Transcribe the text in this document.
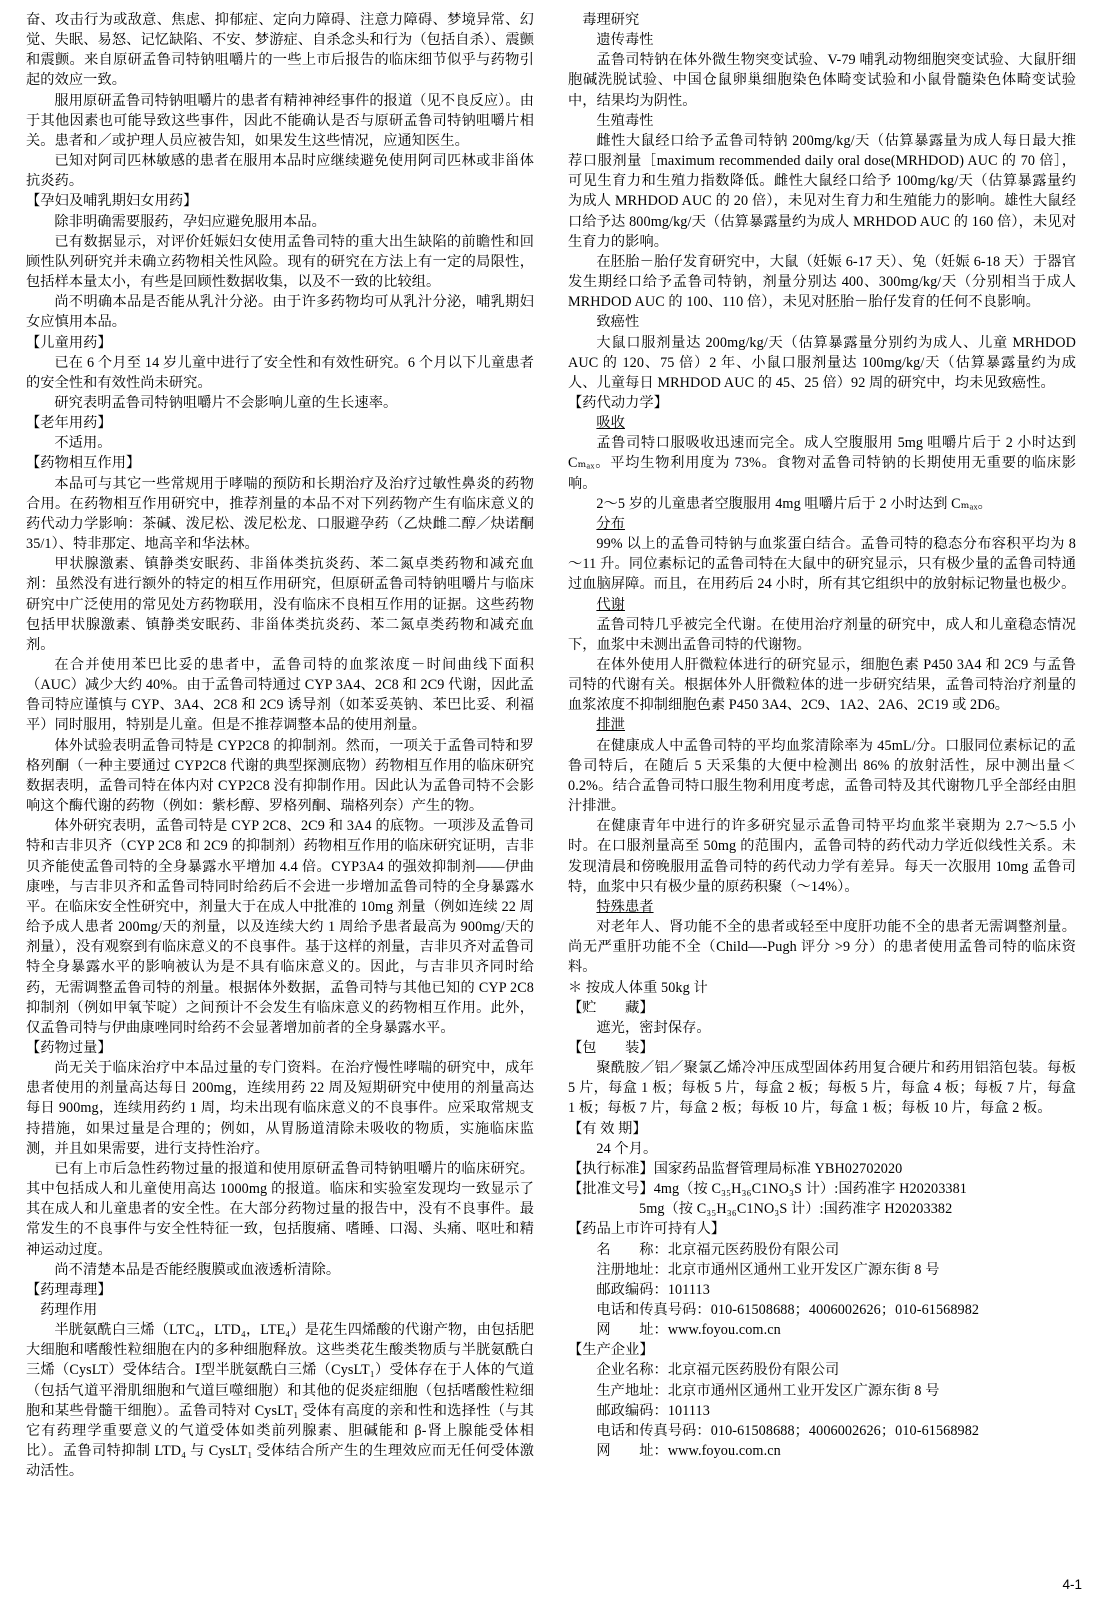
奋、攻击行为或敌意、焦虑、抑郁症、定向力障碍、注意力障碍、梦境异常、幻觉、失眠、易怒、记忆缺陷、不安、梦游症、自杀念头和行为（包括自杀）、震颤和震颤。来自原研孟鲁司特钠咀嚼片的一些上市后报告的临床细节似乎与药物引起的效应一致。

服用原研孟鲁司特钠咀嚼片的患者有精神神经事件的报道（见不良反应）。由于其他因素也可能导致这些事件，因此不能确认是否与原研孟鲁司特钠咀嚼片相关。患者和／或护理人员应被告知，如果发生这些情况，应通知医生。

已知对阿司匹林敏感的患者在服用本品时应继续避免使用阿司匹林或非甾体抗炎药。

【孕妇及哺乳期妇女用药】

除非明确需要服药，孕妇应避免服用本品。

已有数据显示，对评价妊娠妇女使用孟鲁司特的重大出生缺陷的前瞻性和回顾性队列研究并未确立药物相关性风险。现有的研究在方法上有一定的局限性，包括样本量太小，有些是回顾性数据收集，以及不一致的比较组。

尚不明确本品是否能从乳汁分泌。由于许多药物均可从乳汁分泌，哺乳期妇女应慎用本品。

【儿童用药】

已在 6 个月至 14 岁儿童中进行了安全性和有效性研究。6 个月以下儿童患者的安全性和有效性尚未研究。

研究表明孟鲁司特钠咀嚼片不会影响儿童的生长速率。

【老年用药】

不适用。

【药物相互作用】

本品可与其它一些常规用于哮喘的预防和长期治疗及治疗过敏性鼻炎的药物合用。在药物相互作用研究中，推荐剂量的本品不对下列药物产生有临床意义的药代动力学影响：茶碱、泼尼松、泼尼松龙、口服避孕药（乙炔雌二醇／炔诺酮 35/1）、特非那定、地高辛和华法林。

甲状腺激素、镇静类安眠药、非甾体类抗炎药、苯二氮卓类药物和减充血剂：虽然没有进行额外的特定的相互作用研究，但原研孟鲁司特钠咀嚼片与临床研究中广泛使用的常见处方药物联用，没有临床不良相互作用的证据。这些药物包括甲状腺激素、镇静类安眠药、非甾体类抗炎药、苯二氮卓类药物和减充血剂。

在合并使用苯巴比妥的患者中，孟鲁司特的血浆浓度－时间曲线下面积（AUC）减少大约 40%。由于孟鲁司特通过 CYP 3A4、2C8 和 2C9 代谢，因此孟鲁司特应谨慎与 CYP、3A4、2C8 和 2C9 诱导剂（如苯妥英钠、苯巴比妥、利福平）同时服用，特别是儿童。但是不推荐调整本品的使用剂量。

体外试验表明孟鲁司特是 CYP2C8 的抑制剂。然而，一项关于孟鲁司特和罗格列酮（一种主要通过 CYP2C8 代谢的典型探测底物）药物相互作用的临床研究数据表明，孟鲁司特在体内对 CYP2C8 没有抑制作用。因此认为孟鲁司特不会影响这个酶代谢的药物（例如：紫杉醇、罗格列酮、瑞格列奈）产生的物。

体外研究表明，孟鲁司特是 CYP 2C8、2C9 和 3A4 的底物。一项涉及孟鲁司特和吉非贝齐（CYP 2C8 和 2C9 的抑制剂）药物相互作用的临床研究证明，吉非贝齐能使孟鲁司特的全身暴露水平增加 4.4 倍。CYP3A4 的强效抑制剂——伊曲康唑，与吉非贝齐和孟鲁司特同时给药后不会进一步增加孟鲁司特的全身暴露水平。在临床安全性研究中，剂量大于在成人中批准的 10mg 剂量（例如连续 22 周给予成人患者 200mg/天的剂量，以及连续大约 1 周给予患者最高为 900mg/天的剂量），没有观察到有临床意义的不良事件。基于这样的剂量，吉非贝齐对孟鲁司特全身暴露水平的影响被认为是不具有临床意义的。因此，与吉非贝齐同时给药，无需调整孟鲁司特的剂量。根据体外数据，孟鲁司特与其他已知的 CYP 2C8 抑制剂（例如甲氧苄啶）之间预计不会发生有临床意义的药物相互作用。此外，仅孟鲁司特与伊曲康唑同时给药不会显著增加前者的全身暴露水平。

【药物过量】

尚无关于临床治疗中本品过量的专门资料。在治疗慢性哮喘的研究中，成年患者使用的剂量高达每日 200mg，连续用药 22 周及短期研究中使用的剂量高达每日 900mg，连续用药约 1 周，均未出现有临床意义的不良事件。应采取常规支持措施，如果过量是合理的；例如，从胃肠道清除未吸收的物质，实施临床监测，并且如果需要，进行支持性治疗。

已有上市后急性药物过量的报道和使用原研孟鲁司特钠咀嚼片的临床研究。其中包括成人和儿童使用高达 1000mg 的报道。临床和实验室发现均一致显示了其在成人和儿童患者的安全性。在大部分药物过量的报告中，没有不良事件。最常发生的不良事件与安全性特征一致，包括腹痛、嗜睡、口渴、头痛、呕吐和精神运动过度。

尚不清楚本品是否能经腹膜或血液透析清除。

【药理毒理】

药理作用

半胱氨酰白三烯（LTC₄，LTD₄，LTE₄）是花生四烯酸的代谢产物，由包括肥大细胞和嗜酸性粒细胞在内的多种细胞释放。这些类花生酸类物质与半胱氨酰白三烯（CysLT）受体结合。Ⅰ型半胱氨酰白三烯（CysLT₁）受体存在于人体的气道（包括气道平滑肌细胞和气道巨噬细胞）和其他的促炎症细胞（包括嗜酸性粒细胞和某些骨髓干细胞）。孟鲁司特对 CysLT₁ 受体有高度的亲和性和选择性（与其它有药理学重要意义的气道受体如类前列腺素、胆碱能和 β-肾上腺能受体相比）。孟鲁司特抑制 LTD₄ 与 CysLT₁ 受体结合所产生的生理效应而无任何受体激动活性。

毒理研究

遗传毒性

孟鲁司特钠在体外微生物突变试验、V-79 哺乳动物细胞突变试验、大鼠肝细胞碱洗脱试验、中国仓鼠卵巢细胞染色体畸变试验和小鼠骨髓染色体畸变试验中，结果均为阴性。

生殖毒性

雌性大鼠经口给予孟鲁司特钠 200mg/kg/天（估算暴露量为成人每日最大推荐口服剂量［maximum recommended daily oral dose(MRHDOD) AUC 的 70 倍］，可见生育力和生殖力指数降低。雌性大鼠经口给予 100mg/kg/天（估算暴露量约为成人 MRHDOD AUC 的 20 倍），未见对生育力和生殖能力的影响。雄性大鼠经口给予达 800mg/kg/天（估算暴露量约为成人 MRHDOD AUC 的 160 倍），未见对生育力的影响。

在胚胎－胎仔发育研究中，大鼠（妊娠 6-17 天）、兔（妊娠 6-18 天）于器官发生期经口给予孟鲁司特钠，剂量分别达 400、300mg/kg/天（分别相当于成人 MRHDOD AUC 的 100、110 倍），未见对胚胎－胎仔发育的任何不良影响。

致癌性

大鼠口服剂量达 200mg/kg/天（估算暴露量分别约为成人、儿童 MRHDOD AUC 的 120、75 倍）2 年、小鼠口服剂量达 100mg/kg/天（估算暴露量约为成人、儿童每日 MRHDOD AUC 的 45、25 倍）92 周的研究中，均未见致癌性。

【药代动力学】

吸收

孟鲁司特口服吸收迅速而完全。成人空腹服用 5mg 咀嚼片后于 2 小时达到 Cₘₐₓ。平均生物利用度为 73%。食物对孟鲁司特钠的长期使用无重要的临床影响。

2～5 岁的儿童患者空腹服用 4mg 咀嚼片后于 2 小时达到 Cₘₐₓ。

分布

99% 以上的孟鲁司特钠与血浆蛋白结合。孟鲁司特的稳态分布容积平均为 8～11 升。同位素标记的孟鲁司特在大鼠中的研究显示，只有极少量的孟鲁司特通过血脑屏障。而且，在用药后 24 小时，所有其它组织中的放射标记物量也极少。

代谢

孟鲁司特几乎被完全代谢。在使用治疗剂量的研究中，成人和儿童稳态情况下，血浆中未测出孟鲁司特的代谢物。

在体外使用人肝微粒体进行的研究显示，细胞色素 P450 3A4 和 2C9 与孟鲁司特的代谢有关。根据体外人肝微粒体的进一步研究结果，孟鲁司特治疗剂量的血浆浓度不抑制细胞色素 P450 3A4、2C9、1A2、2A6、2C19 或 2D6。

排泄

在健康成人中孟鲁司特的平均血浆清除率为 45mL/分。口服同位素标记的孟鲁司特后，在随后 5 天采集的大便中检测出 86% 的放射活性，尿中测出量＜0.2%。结合孟鲁司特口服生物利用度考虑，孟鲁司特及其代谢物几乎全部经由胆汁排泄。

在健康青年中进行的许多研究显示孟鲁司特平均血浆半衰期为 2.7～5.5 小时。在口服剂量高至 50mg 的范围内，孟鲁司特的药代动力学近似线性关系。未发现清晨和傍晚服用孟鲁司特的药代动力学有差异。每天一次服用 10mg 孟鲁司特，血浆中只有极少量的原药积聚（～14%）。

特殊患者

对老年人、肾功能不全的患者或轻至中度肝功能不全的患者无需调整剂量。尚无严重肝功能不全（Child—-Pugh 评分 >9 分）的患者使用孟鲁司特的临床资料。

＊ 按成人体重 50kg 计

【贮　　藏】

遮光，密封保存。

【包　　装】

聚酰胺／铝／聚氯乙烯冷冲压成型固体药用复合硬片和药用铝箔包装。每板 5 片，每盒 1 板；每板 5 片，每盒 2 板；每板 5 片，每盒 4 板；每板 7 片，每盒 1 板；每板 7 片，每盒 2 板；每板 10 片，每盒 1 板；每板 10 片，每盒 2 板。

【有 效 期】

24 个月。

【执行标准】国家药品监督管理局标准 YBH02702020

【批准文号】4mg（按 C₃₅H₃₆C1NO₃S 计）:国药准字 H20203381

5mg（按 C₃₅H₃₆C1NO₃S 计）:国药准字 H20203382

【药品上市许可持有人】

名　　称：北京福元医药股份有限公司

注册地址：北京市通州区通州工业开发区广源东街 8 号

邮政编码：101113

电话和传真号码：010-61508688；4006002626；010-61568982

网　　址：www.foyou.com.cn

【生产企业】

企业名称：北京福元医药股份有限公司

生产地址：北京市通州区通州工业开发区广源东街 8 号

邮政编码：101113

电话和传真号码：010-61508688；4006002626；010-61568982

网　　址：www.foyou.com.cn

4-1
